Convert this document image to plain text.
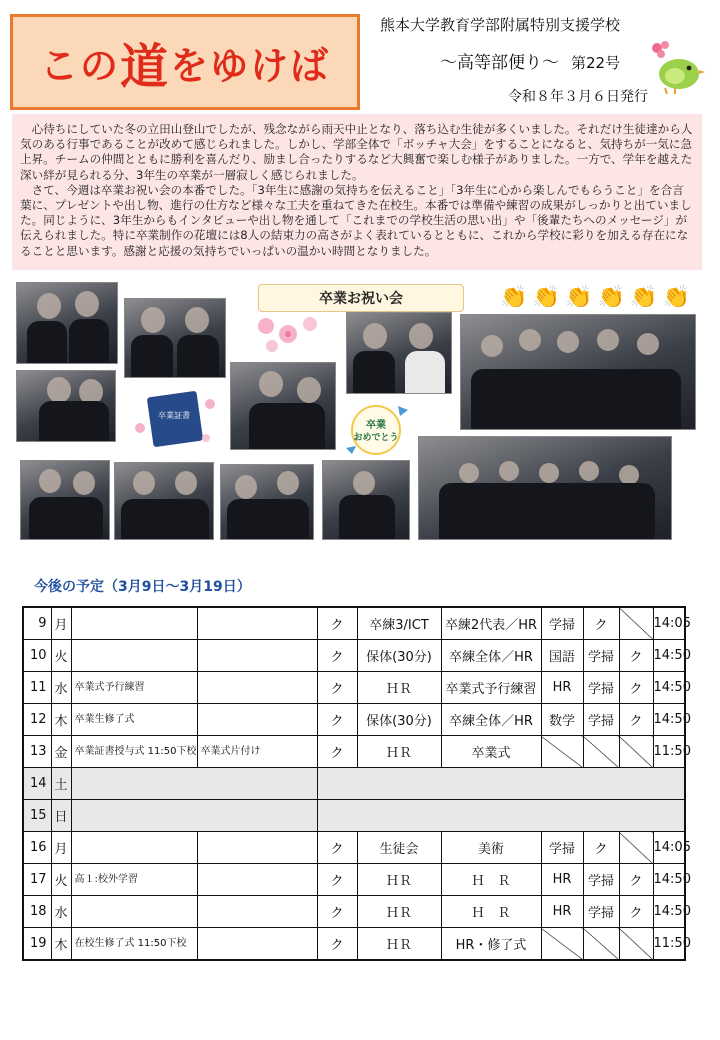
この 道 をゆけば
熊本大学教育学部附属特別支援学校
～高等部便り～ 第22号
令和８年３月６日発行

心待ちにしていた冬の立田山登山でしたが、残念ながら雨天中止となり、落ち込む生徒が多くいました。それだけ生徒達から人気のある行事であることが改めて感じられました。しかし、学部全体で「ボッチャ大会」をすることになると、気持ちが一気に急上昇。チームの仲間とともに勝利を喜んだり、励まし合ったりするなど大興奮で楽しむ様子がありました。一方で、学年を越えた深い絆が見られる分、3年生の卒業が一層寂しく感じられました。

さて、今週は卒業お祝い会の本番でした。「3年生に感謝の気持ちを伝えること」「3年生に心から楽しんでもらうこと」を合言葉に、プレゼントや出し物、進行の仕方など様々な工夫を重ねてきた在校生。本番では準備や練習の成果がしっかりと出ていました。同じように、3年生からもインタビューや出し物を通して「これまでの学校生活の思い出」や「後輩たちへのメッセージ」が伝えられました。特に卒業制作の花壇には8人の結束力の高さがよく表れているとともに、これから学校に彩りを加える存在になることと思います。感謝と応援の気持ちでいっぱいの温かい時間となりました。

卒業お祝い会	👏 👏 👏 👏 👏 👏
卒業証書
卒業
おめでとう
今後の予定（3月9日～3月19日）
9	月			ク	卒練3/ICT	卒練2代表／HR	学掃	ク		14:05
10	火			ク	保体(30分)	卒練全体／HR	国語	学掃	ク	14:50
11	水	卒業式予行練習		ク	ＨＲ	卒業式予行練習	HR	学掃	ク	14:50
12	木	卒業生修了式		ク	保体(30分)	卒練全体／HR	数学	学掃	ク	14:50
13	金	卒業証書授与式 11:50下校	卒業式片付け	ク	ＨＲ	卒業式				11:50
14	土									
15	日									
16	月			ク	生徒会	美術	学掃	ク		14:05
17	火	高１:校外学習		ク	ＨＲ	Ｈ　Ｒ	HR	学掃	ク	14:50
18	水			ク	ＨＲ	Ｈ　Ｒ	HR	学掃	ク	14:50
19	木	在校生修了式 11:50下校		ク	ＨＲ	HR・修了式				11:50
